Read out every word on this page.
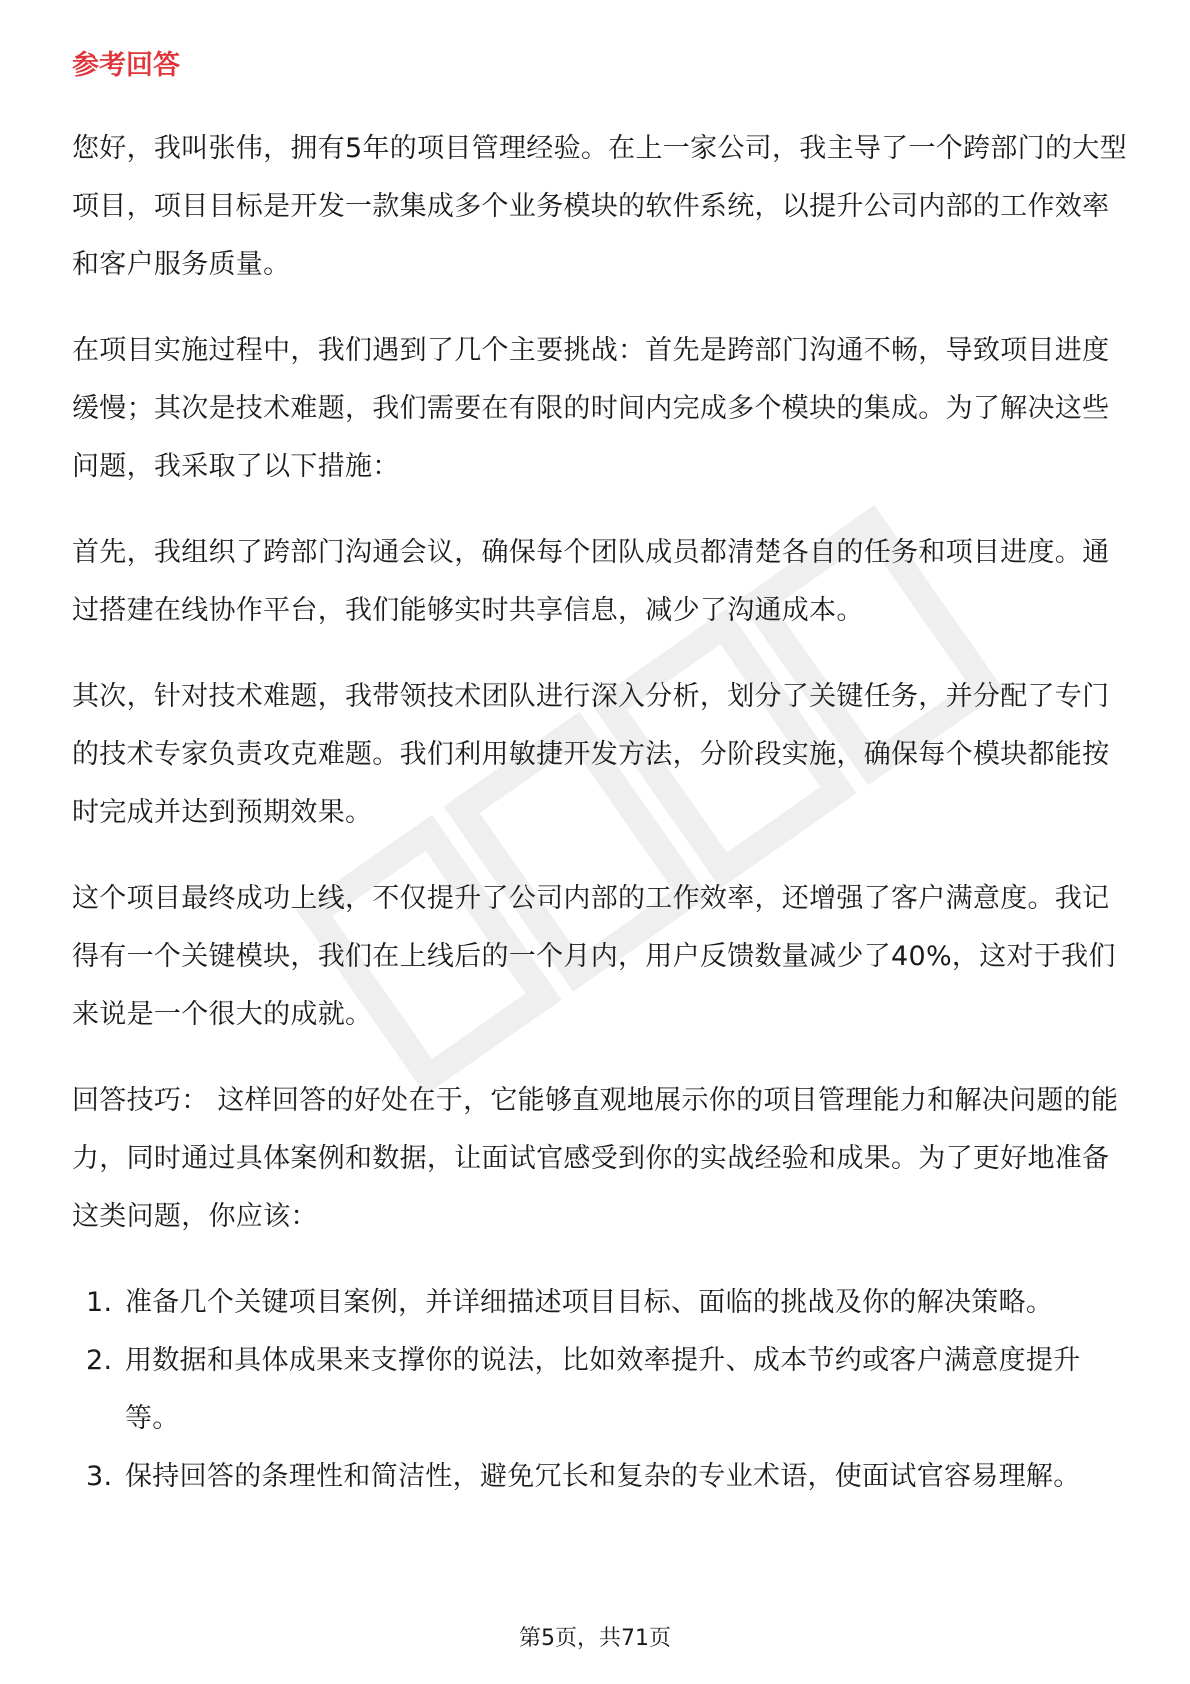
参考回答

您好，我叫张伟，拥有5年的项目管理经验。在上一家公司，我主导了一个跨部门的大型项目，项目目标是开发一款集成多个业务模块的软件系统，以提升公司内部的工作效率和客户服务质量。

在项目实施过程中，我们遇到了几个主要挑战：首先是跨部门沟通不畅，导致项目进度缓慢；其次是技术难题，我们需要在有限的时间内完成多个模块的集成。为了解决这些问题，我采取了以下措施：

首先，我组织了跨部门沟通会议，确保每个团队成员都清楚各自的任务和项目进度。通过搭建在线协作平台，我们能够实时共享信息，减少了沟通成本。

其次，针对技术难题，我带领技术团队进行深入分析，划分了关键任务，并分配了专门的技术专家负责攻克难题。我们利用敏捷开发方法，分阶段实施，确保每个模块都能按时完成并达到预期效果。

这个项目最终成功上线，不仅提升了公司内部的工作效率，还增强了客户满意度。我记得有一个关键模块，我们在上线后的一个月内，用户反馈数量减少了40%，这对于我们来说是一个很大的成就。

回答技巧： 这样回答的好处在于，它能够直观地展示你的项目管理能力和解决问题的能力，同时通过具体案例和数据，让面试官感受到你的实战经验和成果。为了更好地准备这类问题，你应该：

1. 准备几个关键项目案例，并详细描述项目目标、面临的挑战及你的解决策略。
2. 用数据和具体成果来支撑你的说法，比如效率提升、成本节约或客户满意度提升等。
3. 保持回答的条理性和简洁性，避免冗长和复杂的专业术语，使面试官容易理解。
第5页，共71页
